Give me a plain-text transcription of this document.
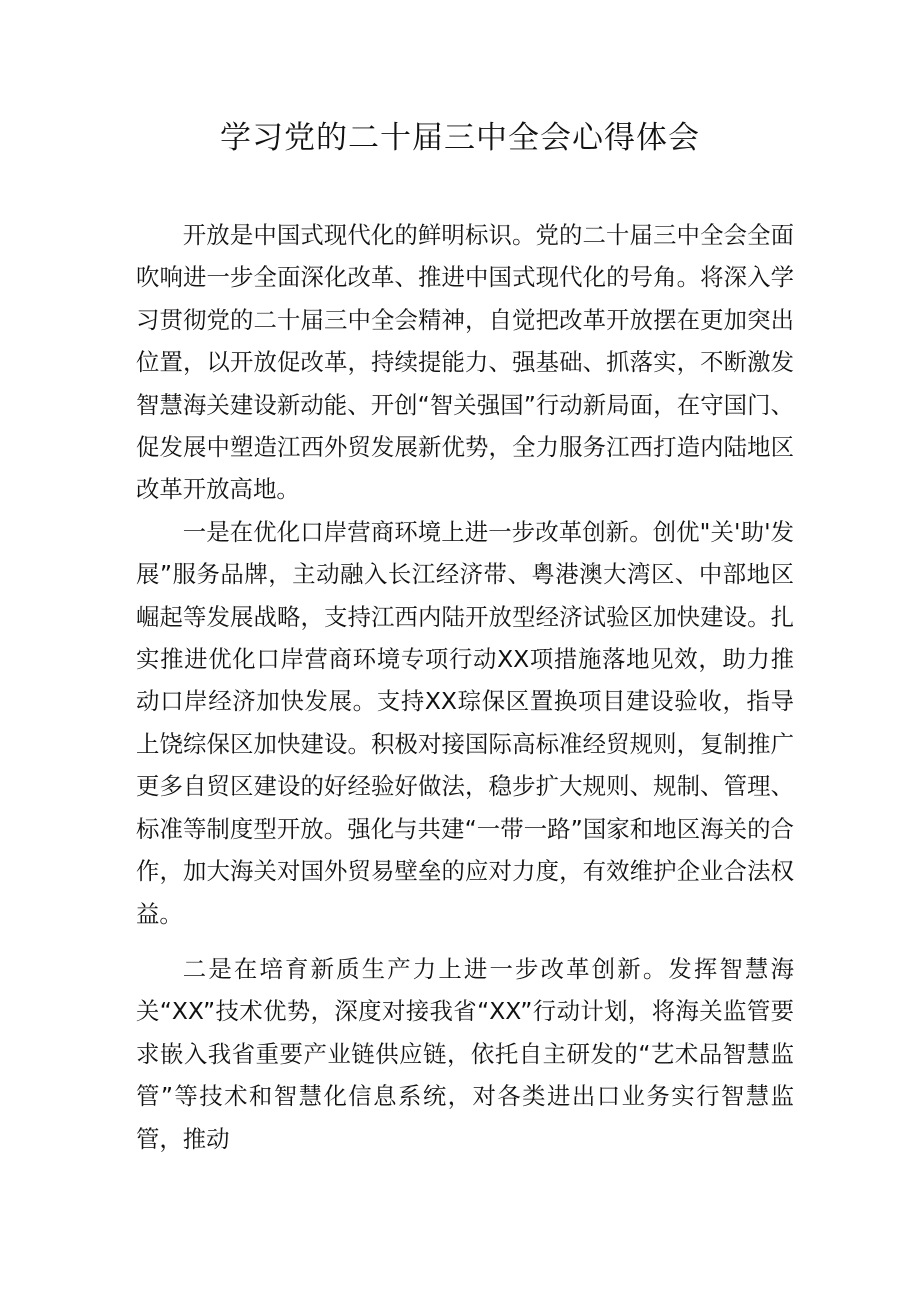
学习党的二十届三中全会心得体会

开放是中国式现代化的鲜明标识。党的二十届三中全会全面吹响进一步全面深化改革、推进中国式现代化的号角。将深入学习贯彻党的二十届三中全会精神，自觉把改革开放摆在更加突出位置，以开放促改革，持续提能力、强基础、抓落实，不断激发智慧海关建设新动能、开创“智关强国”行动新局面，在守国门、促发展中塑造江西外贸发展新优势，全力服务江西打造内陆地区改革开放高地。

一是在优化口岸营商环境上进一步改革创新。创优"关'助'发展”服务品牌，主动融入长江经济带、粤港澳大湾区、中部地区崛起等发展战略，支持江西内陆开放型经济试验区加快建设。扎实推进优化口岸营商环境专项行动XX项措施落地见效，助力推动口岸经济加快发展。支持XX琮保区置换项目建设验收，指导上饶综保区加快建设。积极对接国际高标准经贸规则，复制推广更多自贸区建设的好经验好做法，稳步扩大规则、规制、管理、标准等制度型开放。强化与共建“一带一路”国家和地区海关的合作，加大海关对国外贸易壁垒的应对力度，有效维护企业合法权益。

二是在培育新质生产力上进一步改革创新。发挥智慧海关“XX”技术优势，深度对接我省“XX”行动计划，将海关监管要求嵌入我省重要产业链供应链，依托自主研发的“艺术品智慧监管”等技术和智慧化信息系统，对各类进出口业务实行智慧监管，推动
